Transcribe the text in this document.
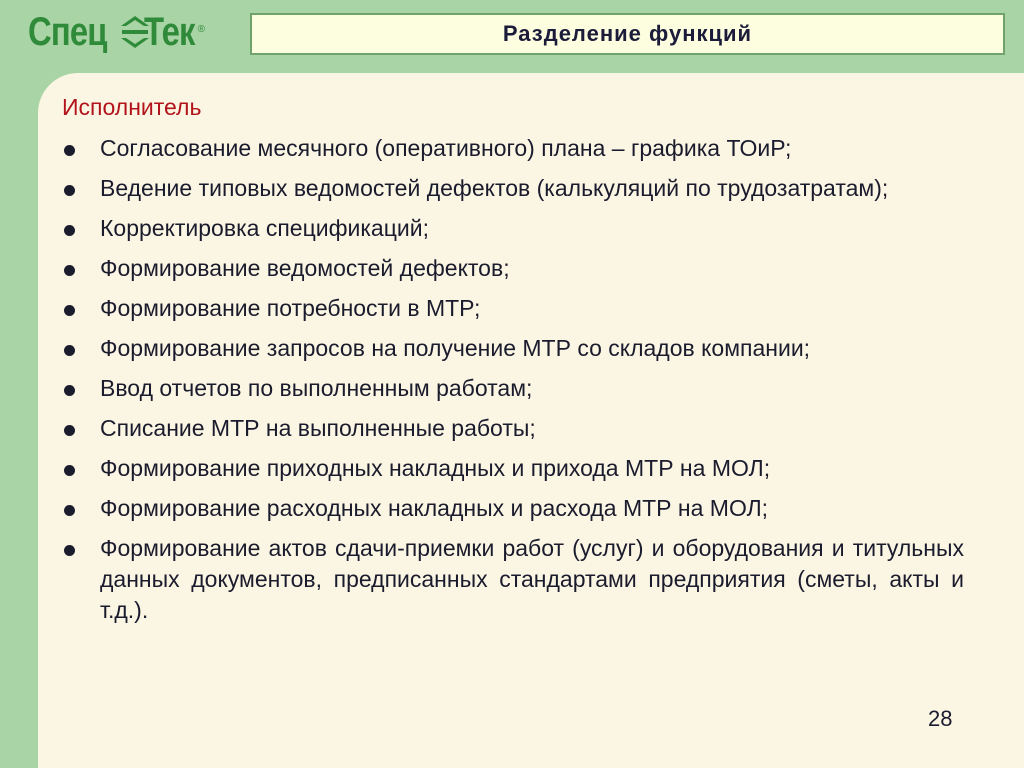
Спец Тек ®	Разделение функций
Исполнитель
Согласование месячного (оперативного) плана – графика ТОиР;
Ведение типовых ведомостей дефектов (калькуляций по трудозатратам);
Корректировка спецификаций;
Формирование ведомостей дефектов;
Формирование потребности в МТР;
Формирование запросов на получение МТР со складов компании;
Ввод отчетов по выполненным работам;
Списание МТР на выполненные работы;
Формирование приходных накладных и прихода МТР на МОЛ;
Формирование расходных накладных и расхода МТР на МОЛ;
Формирование актов сдачи-приемки работ (услуг) и оборудования и титульных данных документов, предписанных стандартами предприятия (сметы, акты и т.д.).
28
